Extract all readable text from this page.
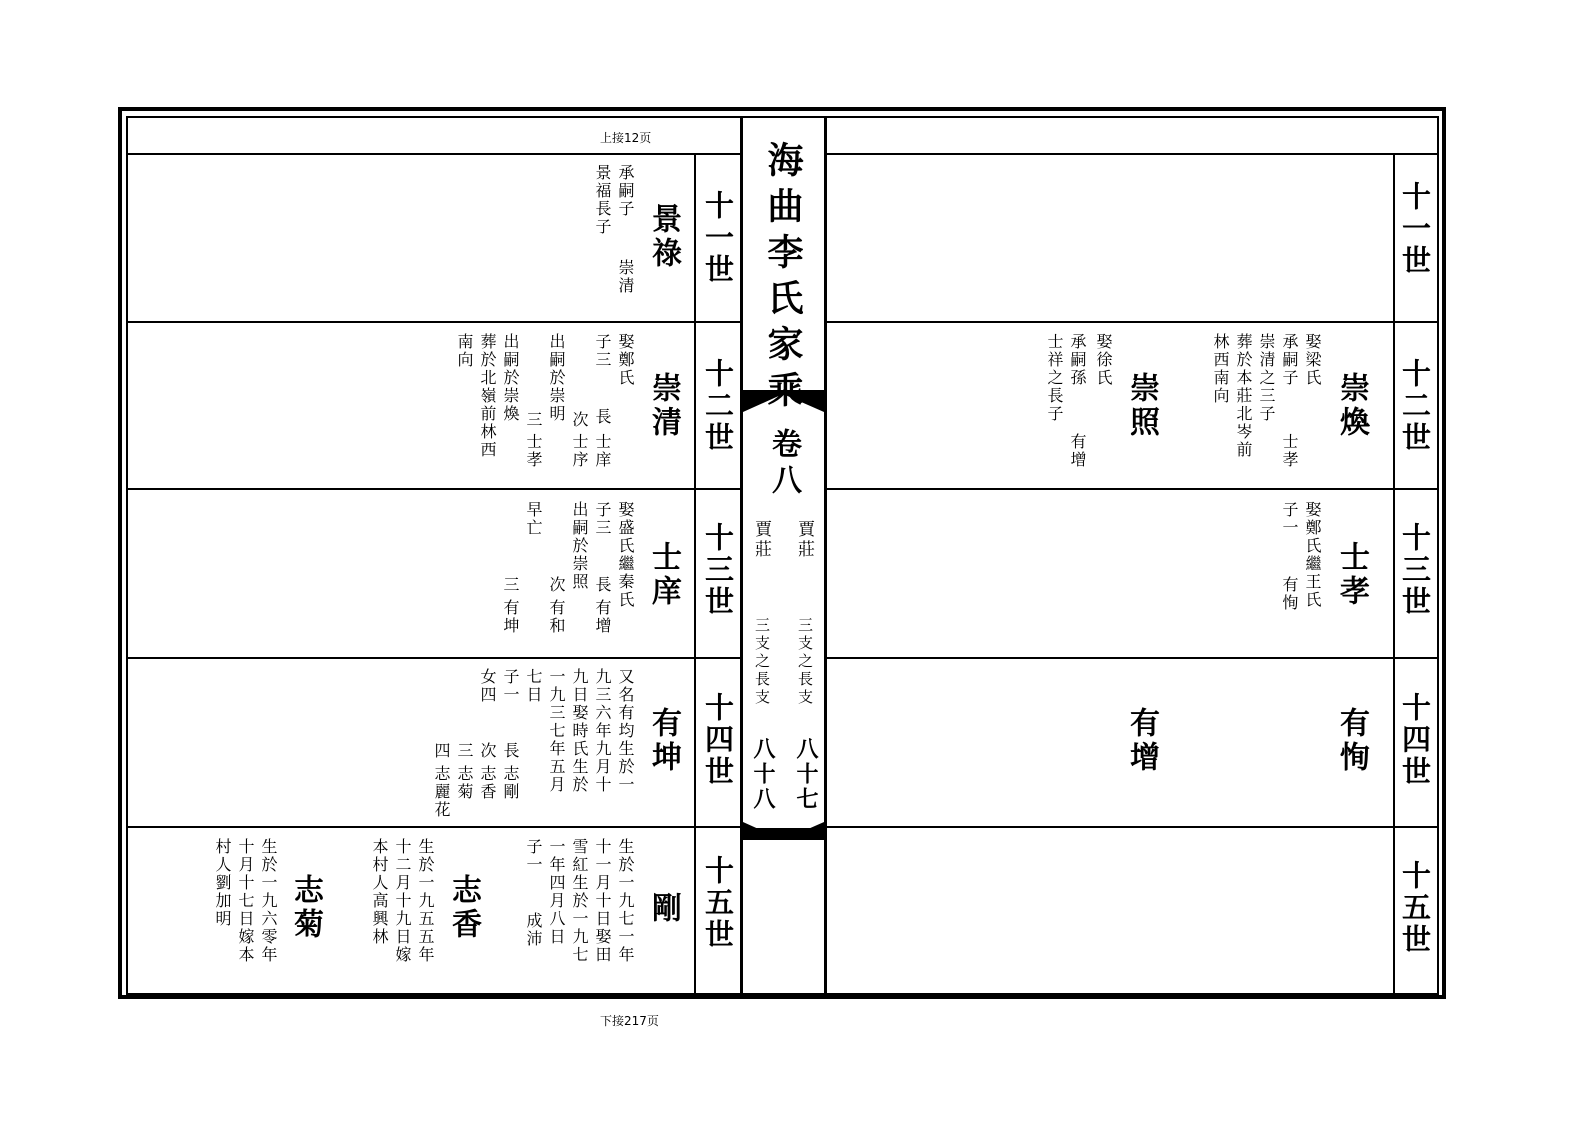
上接12页
下接217页
海曲李氏家乘
卷八
賈莊
賈莊
三支之長支
三支之長支
八十七
八十八
十一世
十二世
十三世
十四世
十五世
十一世
十二世
十三世
十四世
十五世
景祿
承嗣子
崇清
景福長子
崇清
娶鄭氏
子三
長
士庠
出嗣於崇明 次
士序
三
士孝
出嗣於崇煥
葬於北嶺前林西
南向
士庠
娶盛氏繼秦氏
子三
長
有增
出嗣於崇照
次
有和
早亡
三
有坤
有坤
又名有均生於一
九三六年九月十
九日娶時氏生於
一九三七年五月
七日
子一
女四
長
志剛
次
志香
三
志菊
四
志麗花
剛
生於一九七一年
十一月十日娶田
雪紅生於一九七
一年四月八日
子一
成沛
志香
生於一九五五年
十二月十九日嫁
本村人高興林
志菊
生於一九六零年
十月十七日嫁本
村人劉加明
崇煥
娶梁氏
承嗣子
士孝
崇清之三子
葬於本莊北岑前
林西南向
崇照
娶徐氏
承嗣孫
有增
士祥之長子
士孝
娶鄭氏繼王氏
子一
有恂
有恂
有增
